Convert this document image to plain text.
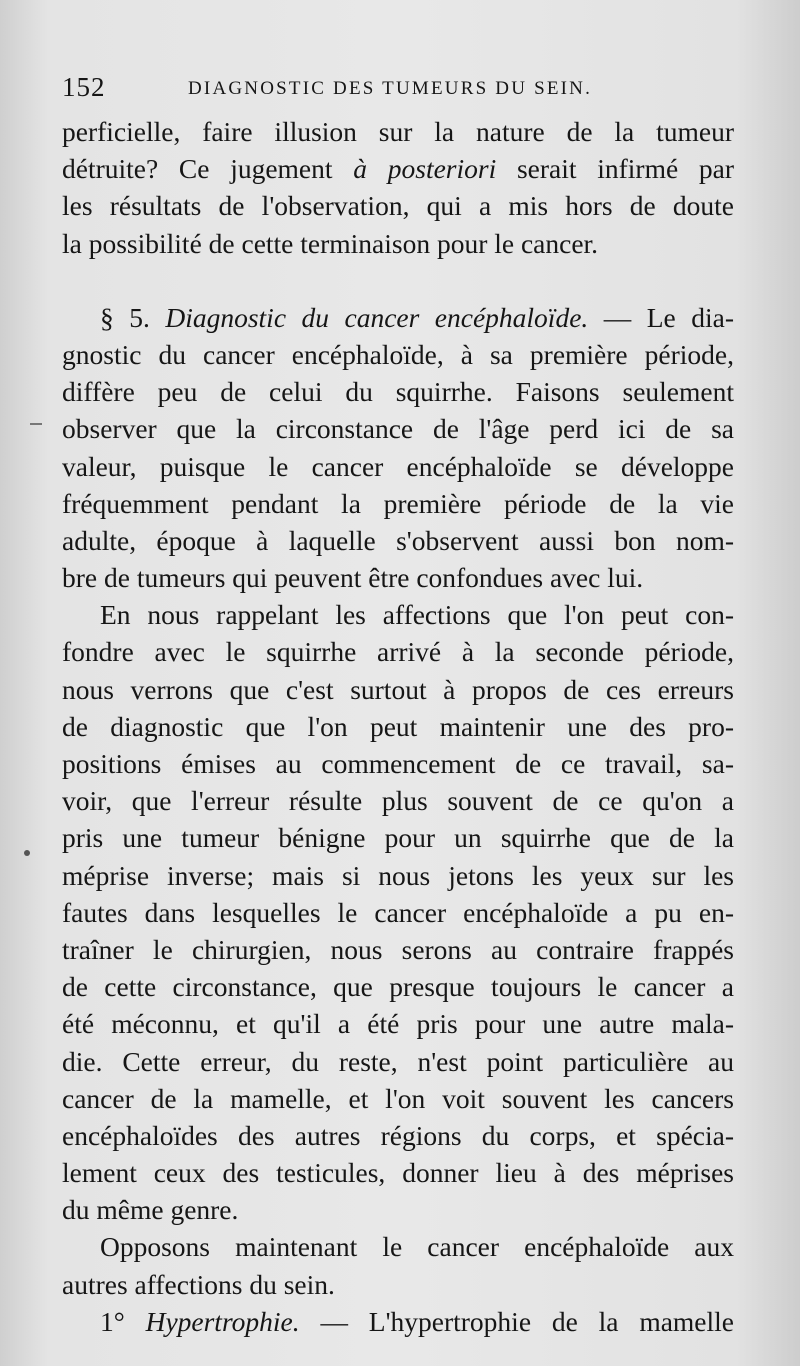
152	DIAGNOSTIC DES TUMEURS DU SEIN.
perficielle, faire illusion sur la nature de la tumeur
détruite? Ce jugement à posteriori serait infirmé par
les résultats de l'observation, qui a mis hors de doute
la possibilité de cette terminaison pour le cancer.
§ 5. Diagnostic du cancer encéphaloïde. — Le dia-
gnostic du cancer encéphaloïde, à sa première période,
diffère peu de celui du squirrhe. Faisons seulement
observer que la circonstance de l'âge perd ici de sa
valeur, puisque le cancer encéphaloïde se développe
fréquemment pendant la première période de la vie
adulte, époque à laquelle s'observent aussi bon nom-
bre de tumeurs qui peuvent être confondues avec lui.
En nous rappelant les affections que l'on peut con-
fondre avec le squirrhe arrivé à la seconde période,
nous verrons que c'est surtout à propos de ces erreurs
de diagnostic que l'on peut maintenir une des pro-
positions émises au commencement de ce travail, sa-
voir, que l'erreur résulte plus souvent de ce qu'on a
pris une tumeur bénigne pour un squirrhe que de la
méprise inverse; mais si nous jetons les yeux sur les
fautes dans lesquelles le cancer encéphaloïde a pu en-
traîner le chirurgien, nous serons au contraire frappés
de cette circonstance, que presque toujours le cancer a
été méconnu, et qu'il a été pris pour une autre mala-
die. Cette erreur, du reste, n'est point particulière au
cancer de la mamelle, et l'on voit souvent les cancers
encéphaloïdes des autres régions du corps, et spécia-
lement ceux des testicules, donner lieu à des méprises
du même genre.
Opposons maintenant le cancer encéphaloïde aux
autres affections du sein.
1° Hypertrophie. — L'hypertrophie de la mamelle
